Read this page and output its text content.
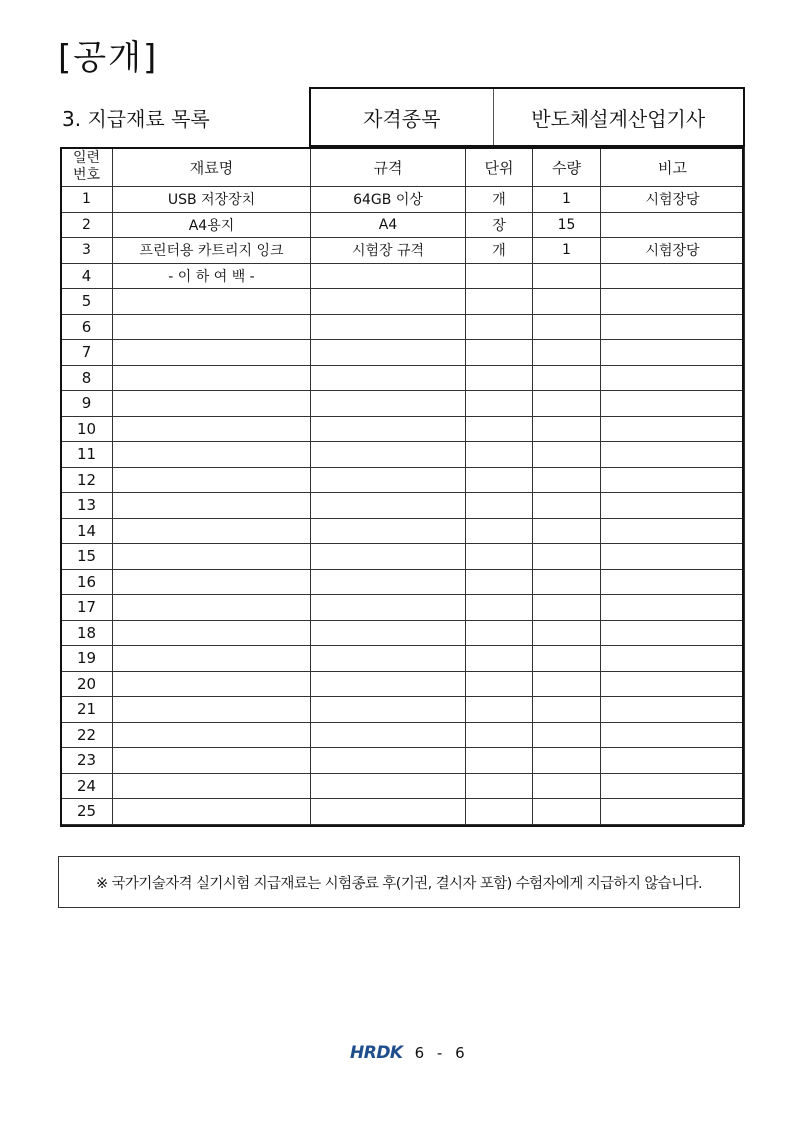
[공개]
3. 지급재료 목록	자격종목	반도체설계산업기사
일련
번호	재료명	규격	단위	수량	비고
1	USB 저장장치	64GB 이상	개	1	시험장당
2	A4용지	A4	장	15	
3	프린터용 카트리지 잉크	시험장 규격	개	1	시험장당
4	- 이 하 여 백 -				
5					
6					
7					
8					
9					
10					
11					
12					
13					
14					
15					
16					
17					
18					
19					
20					
21					
22					
23					
24					
25					
※ 국가기술자격 실기시험 지급재료는 시험종료 후(기권, 결시자 포함) 수험자에게 지급하지 않습니다.
HRDK 6 - 6
